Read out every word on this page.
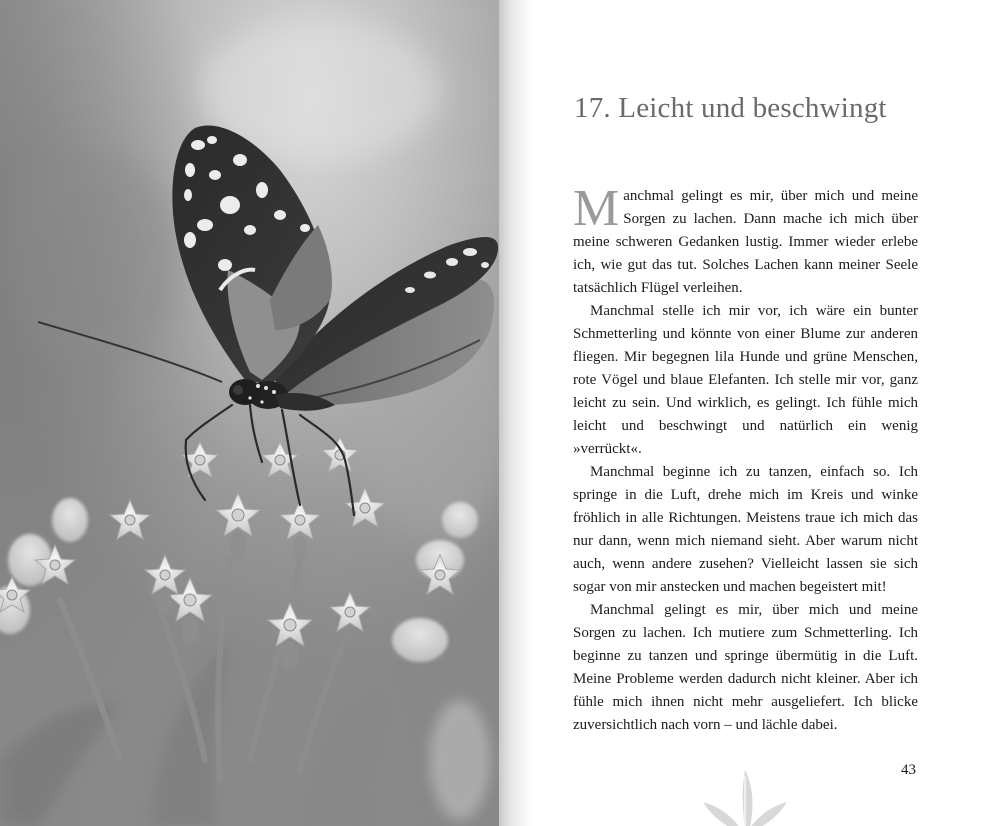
17. Leicht und beschwingt

Manchmal gelingt es mir, über mich und meine Sorgen zu lachen. Dann mache ich mich über meine schweren Gedanken lustig. Immer wieder erlebe ich, wie gut das tut. Solches Lachen kann meiner Seele tatsächlich Flügel verleihen.

Manchmal stelle ich mir vor, ich wäre ein bunter Schmetterling und könnte von einer Blume zur anderen fliegen. Mir begegnen lila Hunde und grüne Menschen, rote Vögel und blaue Elefanten. Ich stelle mir vor, ganz leicht zu sein. Und wirklich, es gelingt. Ich fühle mich leicht und beschwingt und natürlich ein wenig »verrückt«.

Manchmal beginne ich zu tanzen, einfach so. Ich springe in die Luft, drehe mich im Kreis und winke fröhlich in alle Richtungen. Meistens traue ich mich das nur dann, wenn mich niemand sieht. Aber warum nicht auch, wenn andere zusehen? Vielleicht lassen sie sich sogar von mir anstecken und machen begeistert mit!

Manchmal gelingt es mir, über mich und meine Sorgen zu lachen. Ich mutiere zum Schmetterling. Ich beginne zu tanzen und springe übermütig in die Luft. Meine Probleme werden dadurch nicht kleiner. Aber ich fühle mich ihnen nicht mehr ausgeliefert. Ich blicke zuversichtlich nach vorn – und lächle dabei.

43
